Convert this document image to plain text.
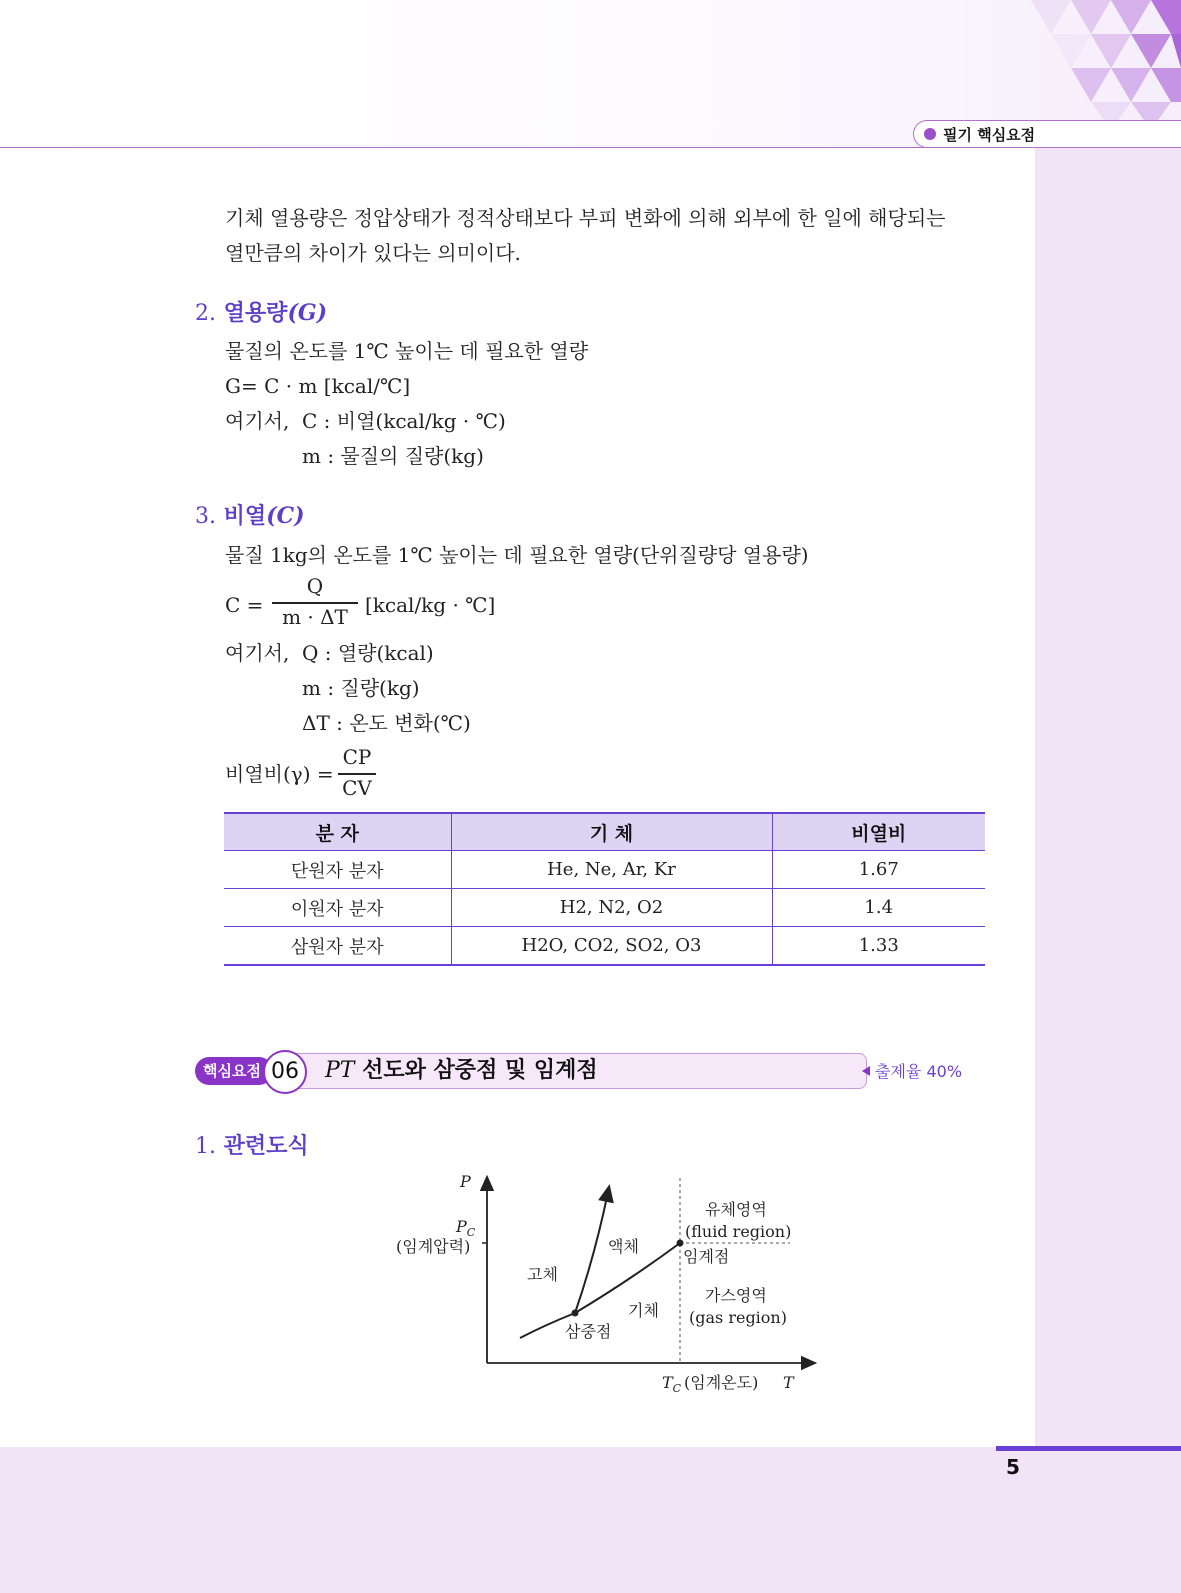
5
필기 핵심요점
기체 열용량은 정압상태가 정적상태보다 부피 변화에 의해 외부에 한 일에 해당되는
열만큼의 차이가 있다는 의미이다.
2. 열용량(G)
물질의 온도를 1℃ 높이는 데 필요한 열량
G= C · m [kcal/℃]
여기서, C : 비열(kcal/kg · ℃)
m : 물질의 질량(kg)
3. 비열(C)
물질 1kg의 온도를 1℃ 높이는 데 필요한 열량(단위질량당 열용량)
C =
Q
m · ΔT [kcal/kg · ℃]
여기서, Q : 열량(kcal)
m : 질량(kg)
ΔT : 온도 변화(℃)
비열비(γ) =
CP
CV
분 자	기 체	비열비
단원자 분자	He, Ne, Ar, Kr	1.67
이원자 분자	H2, N2, O2	1.4
삼원자 분자	H2O, CO2, SO2, O3	1.33
핵심요점 06	PT 선도와 삼중점 및 임계점	출제율 40%
1. 관련도식
P
$P_C$
(임계압력)
고체
액체
기체
삼중점
임계점
유체영역
(fluid region)
가스영역
(gas region)
$T_C$ (임계온도) T
